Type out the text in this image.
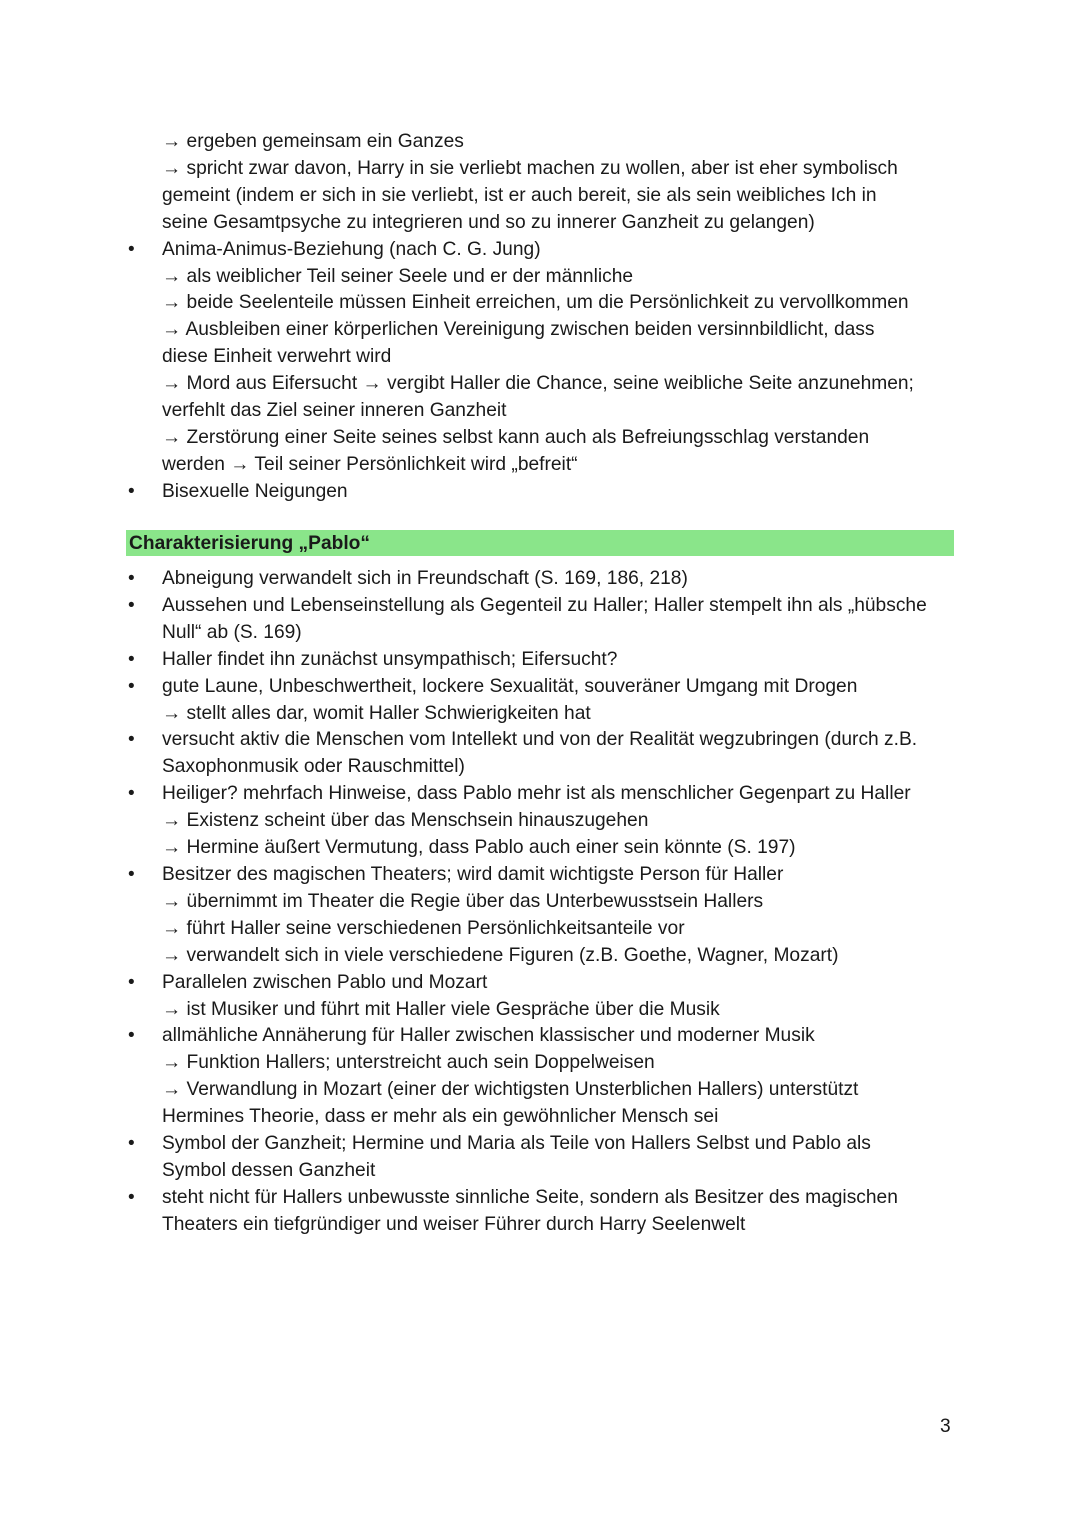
→ ergeben gemeinsam ein Ganzes
→ spricht zwar davon, Harry in sie verliebt machen zu wollen, aber ist eher symbolisch
gemeint (indem er sich in sie verliebt, ist er auch bereit, sie als sein weibliches Ich in
seine Gesamtpsyche zu integrieren und so zu innerer Ganzheit zu gelangen)
• Anima-Animus-Beziehung (nach C. G. Jung)
→ als weiblicher Teil seiner Seele und er der männliche
→ beide Seelenteile müssen Einheit erreichen, um die Persönlichkeit zu vervollkommen
→ Ausbleiben einer körperlichen Vereinigung zwischen beiden versinnbildlicht, dass
diese Einheit verwehrt wird
→ Mord aus Eifersucht → vergibt Haller die Chance, seine weibliche Seite anzunehmen;
verfehlt das Ziel seiner inneren Ganzheit
→ Zerstörung einer Seite seines selbst kann auch als Befreiungsschlag verstanden
werden → Teil seiner Persönlichkeit wird „befreit“
• Bisexuelle Neigungen
Charakterisierung „Pablo“
• Abneigung verwandelt sich in Freundschaft (S. 169, 186, 218)
• Aussehen und Lebenseinstellung als Gegenteil zu Haller; Haller stempelt ihn als „hübsche
Null“ ab (S. 169)
• Haller findet ihn zunächst unsympathisch; Eifersucht?
• gute Laune, Unbeschwertheit, lockere Sexualität, souveräner Umgang mit Drogen
→ stellt alles dar, womit Haller Schwierigkeiten hat
• versucht aktiv die Menschen vom Intellekt und von der Realität wegzubringen (durch z.B.
Saxophonmusik oder Rauschmittel)
• Heiliger? mehrfach Hinweise, dass Pablo mehr ist als menschlicher Gegenpart zu Haller
→ Existenz scheint über das Menschsein hinauszugehen
→ Hermine äußert Vermutung, dass Pablo auch einer sein könnte (S. 197)
• Besitzer des magischen Theaters; wird damit wichtigste Person für Haller
→ übernimmt im Theater die Regie über das Unterbewusstsein Hallers
→ führt Haller seine verschiedenen Persönlichkeitsanteile vor
→ verwandelt sich in viele verschiedene Figuren (z.B. Goethe, Wagner, Mozart)
• Parallelen zwischen Pablo und Mozart
→ ist Musiker und führt mit Haller viele Gespräche über die Musik
• allmähliche Annäherung für Haller zwischen klassischer und moderner Musik
→ Funktion Hallers; unterstreicht auch sein Doppelweisen
→ Verwandlung in Mozart (einer der wichtigsten Unsterblichen Hallers) unterstützt
Hermines Theorie, dass er mehr als ein gewöhnlicher Mensch sei
• Symbol der Ganzheit; Hermine und Maria als Teile von Hallers Selbst und Pablo als
Symbol dessen Ganzheit
• steht nicht für Hallers unbewusste sinnliche Seite, sondern als Besitzer des magischen
Theaters ein tiefgründiger und weiser Führer durch Harry Seelenwelt
3
